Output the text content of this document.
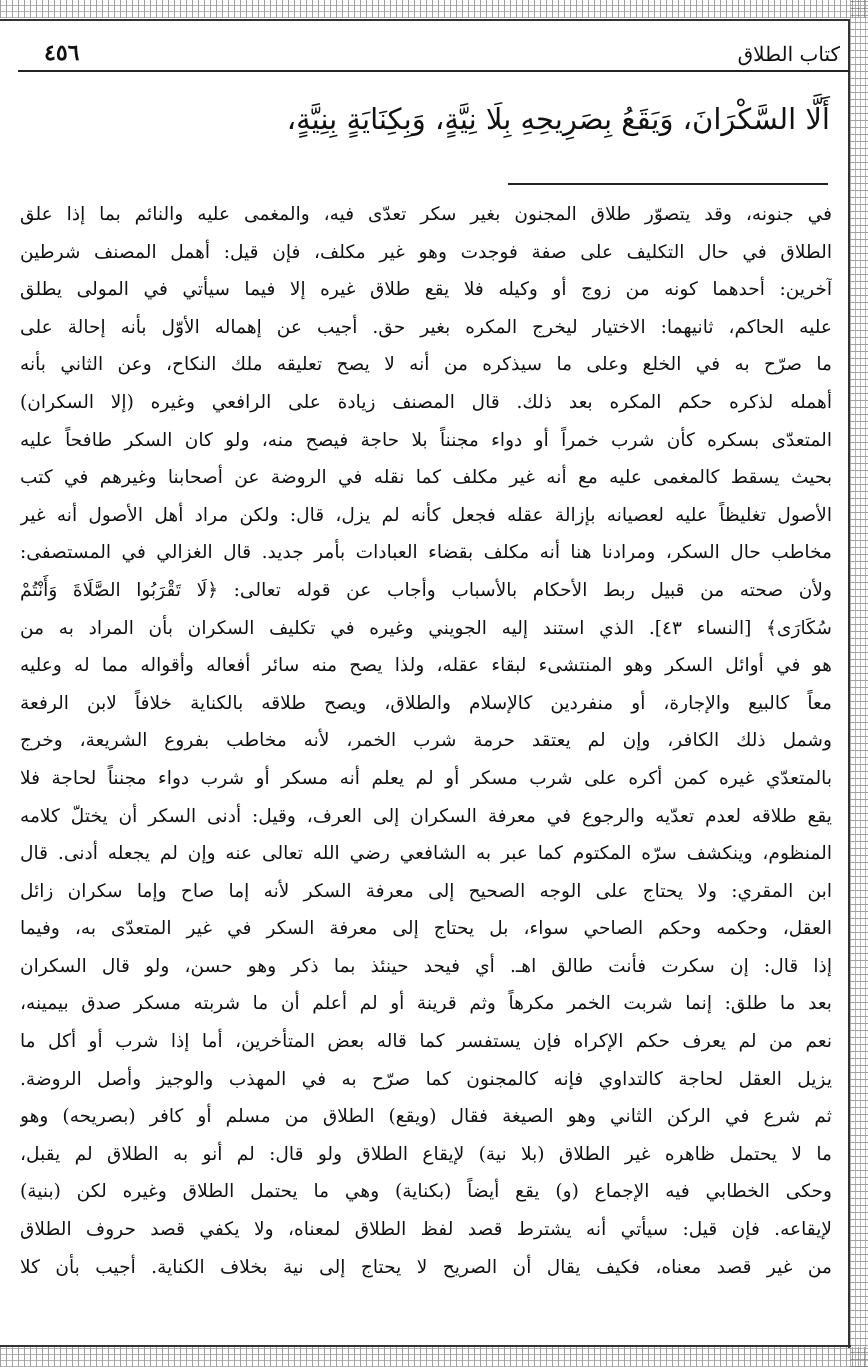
كتاب الطلاق
٤٥٦
أَلَّا السَّكْرَانَ، وَيَقَعُ بِصَرِيحِهِ بِلَا نِيَّةٍ، وَبِكِنَايَةٍ بِنِيَّةٍ،
في جنونه، وقد يتصوّر طلاق المجنون بغير سكر تعدّى فيه، والمغمى عليه والنائم بما إذا علق
الطلاق في حال التكليف على صفة فوجدت وهو غير مكلف، فإن قيل: أهمل المصنف شرطين
آخرين: أحدهما كونه من زوج أو وكيله فلا يقع طلاق غيره إلا فيما سيأتي في المولى يطلق
عليه الحاكم، ثانيهما: الاختيار ليخرج المكره بغير حق. أجيب عن إهماله الأوّل بأنه إحالة على
ما صرّح به في الخلع وعلى ما سيذكره من أنه لا يصح تعليقه ملك النكاح، وعن الثاني بأنه
أهمله لذكره حكم المكره بعد ذلك. قال المصنف زيادة على الرافعي وغيره (إلا السكران)
المتعدّى بسكره كأن شرب خمراً أو دواء مجنناً بلا حاجة فيصح منه، ولو كان السكر طافحاً عليه
بحيث يسقط كالمغمى عليه مع أنه غير مكلف كما نقله في الروضة عن أصحابنا وغيرهم في كتب
الأصول تغليظاً عليه لعصيانه بإزالة عقله فجعل كأنه لم يزل، قال: ولكن مراد أهل الأصول أنه غير
مخاطب حال السكر، ومرادنا هنا أنه مكلف بقضاء العبادات بأمر جديد. قال الغزالي في المستصفى:
ولأن صحته من قبيل ربط الأحكام بالأسباب وأجاب عن قوله تعالى: ﴿لَا تَقْرَبُوا الصَّلَاةَ وَأَنْتُمْ
سُكَارَى﴾ [النساء ٤٣]. الذي استند إليه الجويني وغيره في تكليف السكران بأن المراد به من
هو في أوائل السكر وهو المنتشىء لبقاء عقله، ولذا يصح منه سائر أفعاله وأقواله مما له وعليه
معاً كالبيع والإجارة، أو منفردين كالإسلام والطلاق، ويصح طلاقه بالكناية خلافاً لابن الرفعة
وشمل ذلك الكافر، وإن لم يعتقد حرمة شرب الخمر، لأنه مخاطب بفروع الشريعة، وخرج
بالمتعدّي غيره كمن أكره على شرب مسكر أو لم يعلم أنه مسكر أو شرب دواء مجنناً لحاجة فلا
يقع طلاقه لعدم تعدّيه والرجوع في معرفة السكران إلى العرف، وقيل: أدنى السكر أن يختلّ كلامه
المنظوم، وينكشف سرّه المكتوم كما عبر به الشافعي رضي الله تعالى عنه وإن لم يجعله أدنى. قال
ابن المقري: ولا يحتاج على الوجه الصحيح إلى معرفة السكر لأنه إما صاح وإما سكران زائل
العقل، وحكمه وحكم الصاحي سواء، بل يحتاج إلى معرفة السكر في غير المتعدّى به، وفيما
إذا قال: إن سكرت فأنت طالق اهـ. أي فيحد حينئذ بما ذكر وهو حسن، ولو قال السكران
بعد ما طلق: إنما شربت الخمر مكرهاً وثم قرينة أو لم أعلم أن ما شربته مسكر صدق بيمينه،
نعم من لم يعرف حكم الإكراه فإن يستفسر كما قاله بعض المتأخرين، أما إذا شرب أو أكل ما
يزيل العقل لحاجة كالتداوي فإنه كالمجنون كما صرّح به في المهذب والوجيز وأصل الروضة.
ثم شرع في الركن الثاني وهو الصيغة فقال (ويقع) الطلاق من مسلم أو كافر (بصريحه) وهو
ما لا يحتمل ظاهره غير الطلاق (بلا نية) لإيقاع الطلاق ولو قال: لم أنو به الطلاق لم يقبل،
وحكى الخطابي فيه الإجماع (و) يقع أيضاً (بكناية) وهي ما يحتمل الطلاق وغيره لكن (بنية)
لإيقاعه. فإن قيل: سيأتي أنه يشترط قصد لفظ الطلاق لمعناه، ولا يكفي قصد حروف الطلاق
من غير قصد معناه، فكيف يقال أن الصريح لا يحتاج إلى نية بخلاف الكناية. أجيب بأن كلا
